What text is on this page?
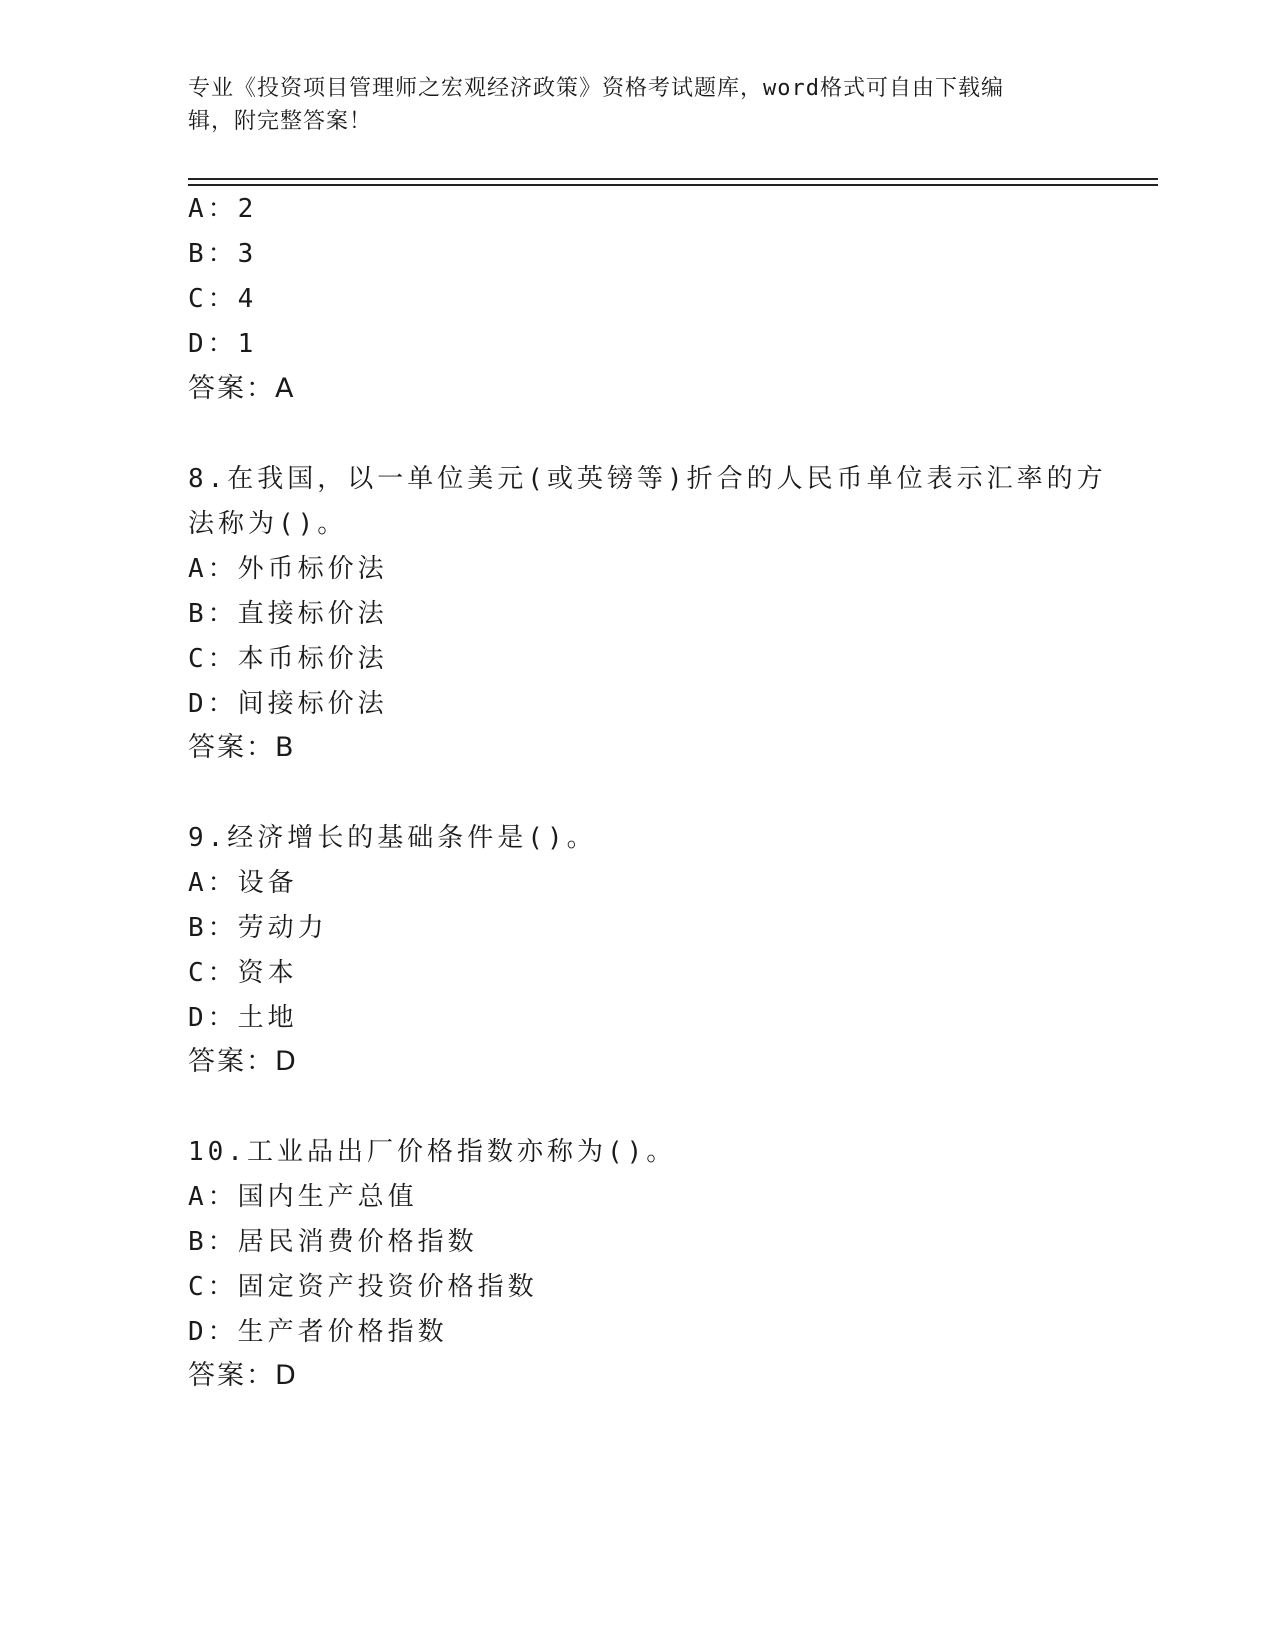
专业《投资项目管理师之宏观经济政策》资格考试题库，word格式可自由下载编
辑，附完整答案！
A：2
B：3
C：4
D：1
答案：A
8.在我国，以一单位美元(或英镑等)折合的人民币单位表示汇率的方
法称为()。
A：外币标价法
B：直接标价法
C：本币标价法
D：间接标价法
答案：B
9.经济增长的基础条件是()。
A：设备
B：劳动力
C：资本
D：土地
答案：D
10.工业品出厂价格指数亦称为()。
A：国内生产总值
B：居民消费价格指数
C：固定资产投资价格指数
D：生产者价格指数
答案：D
